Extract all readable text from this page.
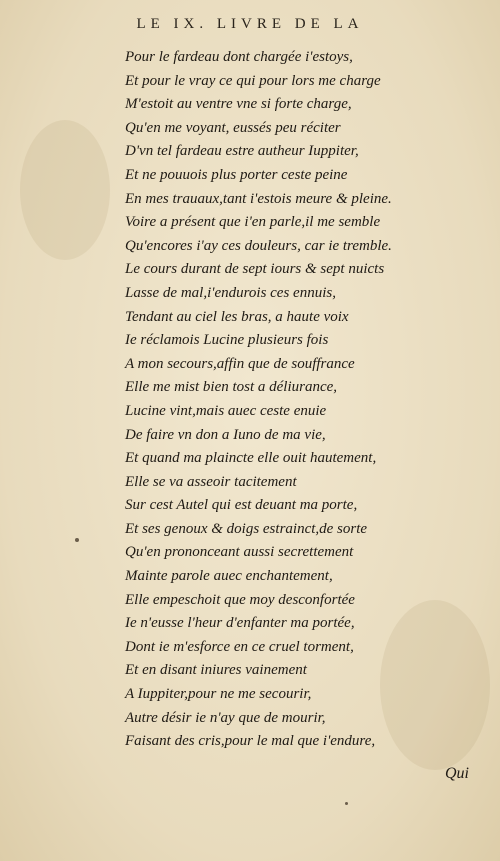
LE IX. LIVRE DE LA
Pour le fardeau dont chargée i'estoys,
Et pour le vray ce qui pour lors me charge
M'estoit au ventre vne si forte charge,
Qu'en me voyant, eussés peu réciter
D'vn tel fardeau estre autheur Iuppiter,
Et ne pouuois plus porter ceste peine
En mes trauaux,tant i'estois meure & pleine.
Voire a présent que i'en parle,il me semble
Qu'encores i'ay ces douleurs, car ie tremble.
Le cours durant de sept iours & sept nuicts
Lasse de mal,i'endurois ces ennuis,
Tendant au ciel les bras, a haute voix
Ie réclamois Lucine plusieurs fois
A mon secours,affin que de souffrance
Elle me mist bien tost a déliurance,
Lucine vint,mais auec ceste enuie
De faire vn don a Iuno de ma vie,
Et quand ma plaincte elle ouit hautement,
Elle se va asseoir tacitement
Sur cest Autel qui est deuant ma porte,
Et ses genoux & doigs estrainct,de sorte
Qu'en prononceant aussi secrettement
Mainte parole auec enchantement,
Elle empeschoit que moy desconfortée
Ie n'eusse l'heur d'enfanter ma portée,
Dont ie m'esforce en ce cruel torment,
Et en disant iniures vainement
A Iuppiter,pour ne me secourir,
Autre désir ie n'ay que de mourir,
Faisant des cris,pour le mal que i'endure,
Qui
